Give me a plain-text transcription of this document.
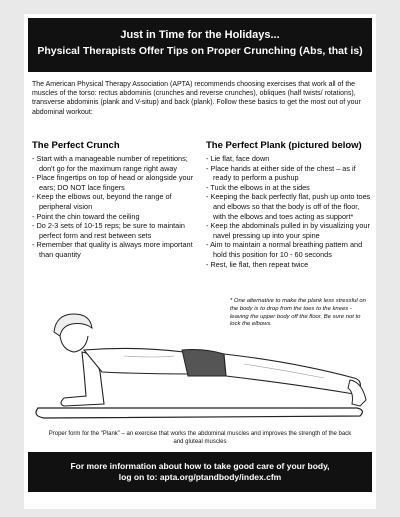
Just in Time for the Holidays...
Physical Therapists Offer Tips on Proper Crunching (Abs, that is)

The American Physical Therapy Association (APTA) recommends choosing exercises that work all of the muscles of the torso: rectus abdominis (crunches and reverse crunches), obliques (half twists/ rotations), transverse abdominis (plank and V-situp) and back (plank). Follow these basics to get the most out of your abdominal workout:

The Perfect Crunch
- Start with a manageable number of repetitions; don't go for the maximum range right away
- Place fingertips on top of head or alongside your ears; DO NOT lace fingers
- Keep the elbows out, beyond the range of peripheral vision
- Point the chin toward the ceiling
- Do 2-3 sets of 10-15 reps; be sure to maintain perfect form and rest between sets
- Remember that quality is always more important than quantity
The Perfect Plank (pictured below)
- Lie flat, face down
- Place hands at either side of the chest – as if ready to perform a pushup
- Tuck the elbows in at the sides
- Keeping the back perfectly flat, push up onto toes and elbows so that the body is off of the floor, with the elbows and toes acting as support*
- Keep the abdominals pulled in by visualizing your navel pressing up into your spine
- Aim to maintain a normal breathing pattern and hold this position for 10 - 60 seconds
- Rest, lie flat, then repeat twice

* One alternative to make the plank less stressful on the body is to drop from the toes to the knees - leaving the upper body off the floor. Be sure not to lock the elbows.

Proper form for the “Plank” – an exercise that works the abdominal muscles and improves the strength of the back and gluteal muscles

For more information about how to take good care of your body,
log on to: apta.org/ptandbody/index.cfm
